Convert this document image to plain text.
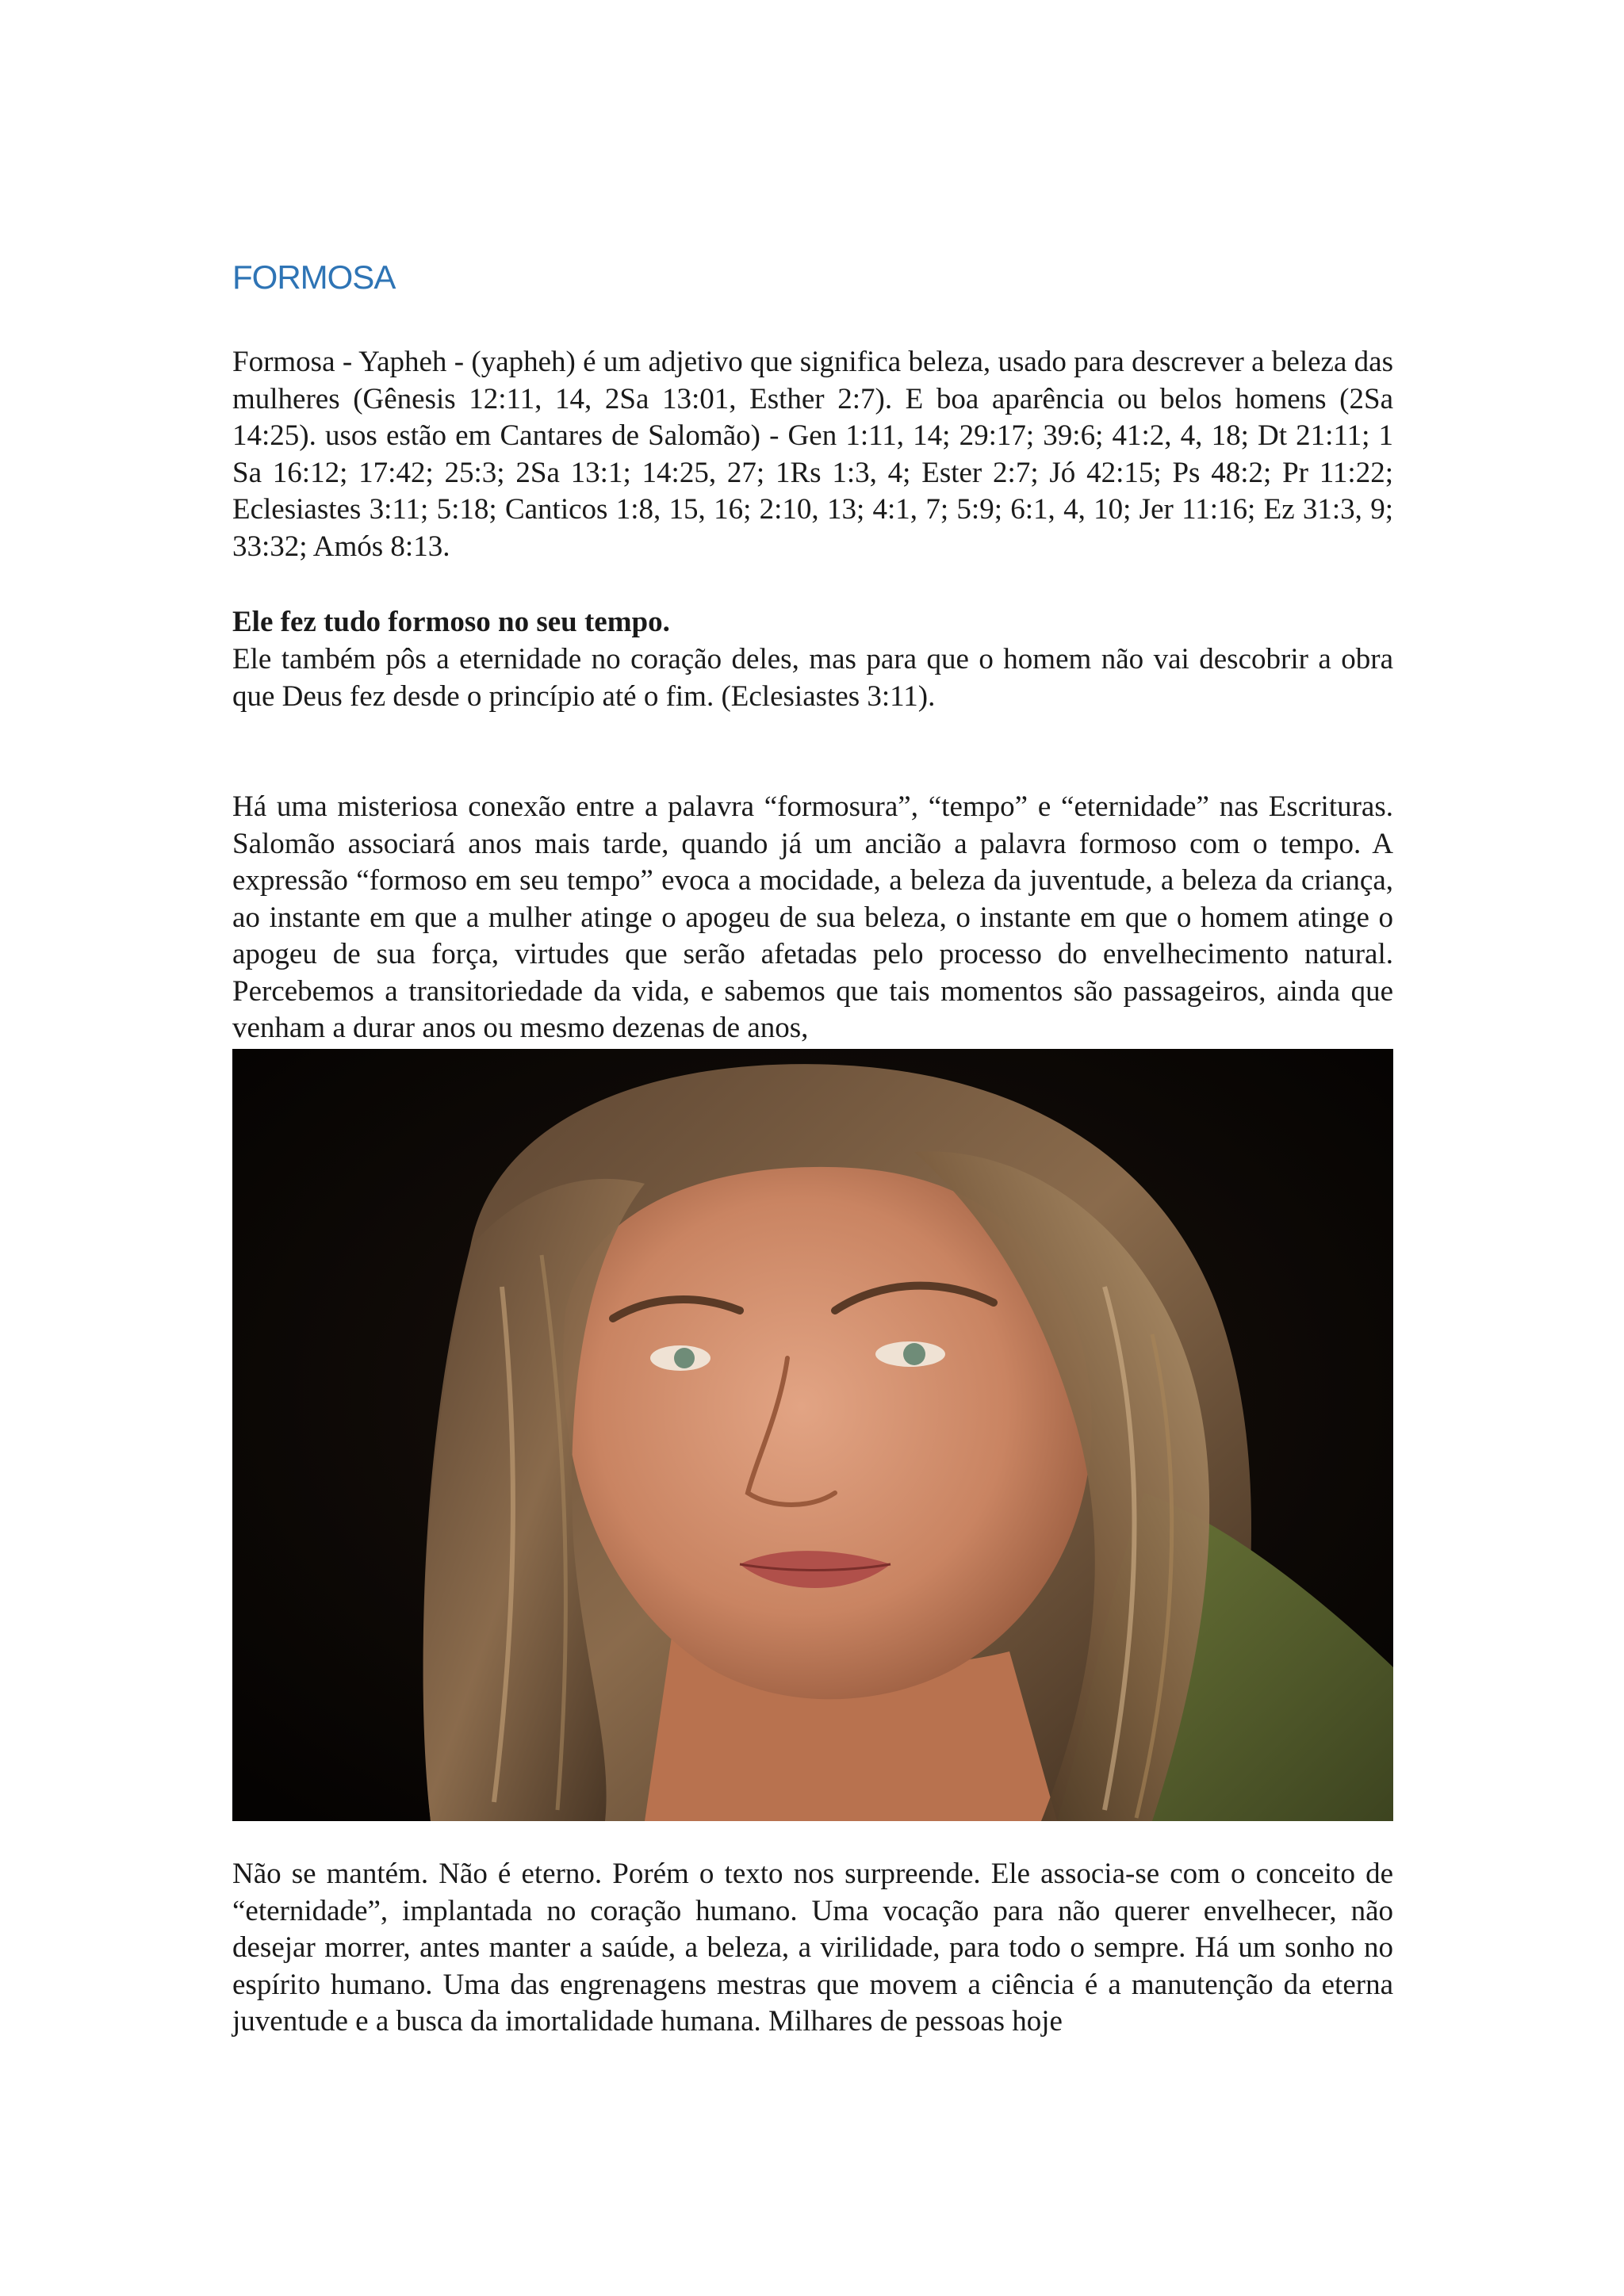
FORMOSA

Formosa - Yapheh - (yapheh) é um adjetivo que significa beleza, usado para descrever a beleza das mulheres (Gênesis 12:11, 14, 2Sa 13:01, Esther 2:7). E boa aparência ou belos homens (2Sa 14:25). usos estão em Cantares de Salomão) - Gen 1:11, 14; 29:17; 39:6; 41:2, 4, 18; Dt 21:11; 1 Sa 16:12; 17:42; 25:3; 2Sa 13:1; 14:25, 27; 1Rs 1:3, 4; Ester 2:7; Jó 42:15; Ps 48:2; Pr 11:22; Eclesiastes 3:11; 5:18; Canticos 1:8, 15, 16; 2:10, 13; 4:1, 7; 5:9; 6:1, 4, 10; Jer 11:16; Ez 31:3, 9; 33:32; Amós 8:13.

Ele fez tudo formoso no seu tempo.

Ele também pôs a eternidade no coração deles, mas para que o homem não vai descobrir a obra que Deus fez desde o princípio até o fim. (Eclesiastes 3:11).

Há uma misteriosa conexão entre a palavra “formosura”, “tempo” e “eternidade” nas Escrituras. Salomão associará anos mais tarde, quando já um ancião a palavra formoso com o tempo. A expressão “formoso em seu tempo” evoca a mocidade, a beleza da juventude, a beleza da criança, ao instante em que a mulher atinge o apogeu de sua beleza, o instante em que o homem atinge o apogeu de sua força, virtudes que serão afetadas pelo processo do envelhecimento natural. Percebemos a transitoriedade da vida, e sabemos que tais momentos são passageiros, ainda que venham a durar anos ou mesmo dezenas de anos,

Não se mantém. Não é eterno. Porém o texto nos surpreende. Ele associa-se com o conceito de “eternidade”, implantada no coração humano. Uma vocação para não querer envelhecer, não desejar morrer, antes manter a saúde, a beleza, a virilidade, para todo o sempre. Há um sonho no espírito humano. Uma das engrenagens mestras que movem a ciência é a manutenção da eterna juventude e a busca da imortalidade humana. Milhares de pessoas hoje
